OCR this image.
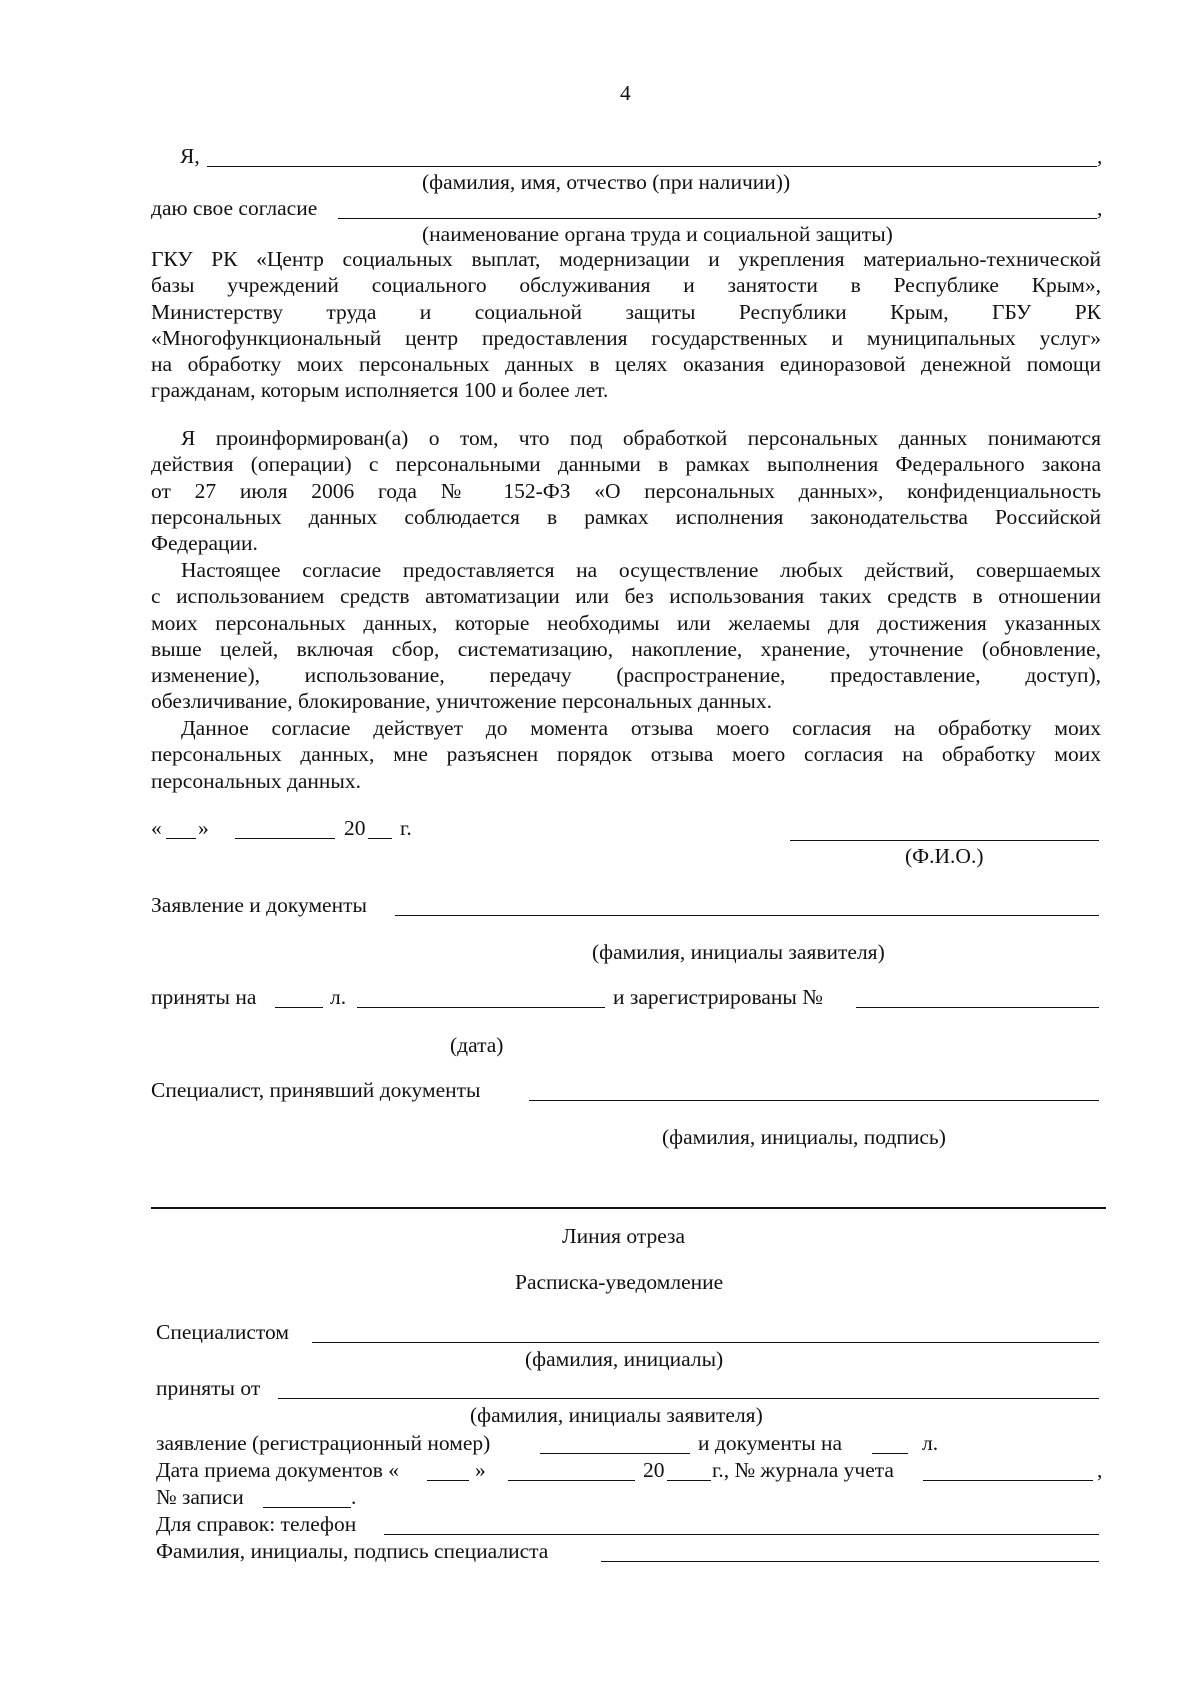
4
Я,	,
(фамилия, имя, отчество (при наличии))
даю свое согласие	,
(наименование органа труда и социальной защиты)
ГКУ РК «Центр социальных выплат, модернизации и укрепления материально-технической
базы учреждений социального обслуживания и занятости в Республике Крым»,
Министерству труда и социальной защиты Республики Крым, ГБУ РК
«Многофункциональный центр предоставления государственных и муниципальных услуг»
на обработку моих персональных данных в целях оказания единоразовой денежной помощи
гражданам, которым исполняется 100 и более лет.
Я проинформирован(а) о том, что под обработкой персональных данных понимаются
действия (операции) с персональными данными в рамках выполнения Федерального закона
от 27 июля 2006 года № 152-ФЗ «О персональных данных», конфиденциальность
персональных данных соблюдается в рамках исполнения законодательства Российской
Федерации.
Настоящее согласие предоставляется на осуществление любых действий, совершаемых
с использованием средств автоматизации или без использования таких средств в отношении
моих персональных данных, которые необходимы или желаемы для достижения указанных
выше целей, включая сбор, систематизацию, накопление, хранение, уточнение (обновление,
изменение), использование, передачу (распространение, предоставление, доступ),
обезличивание, блокирование, уничтожение персональных данных.
Данное согласие действует до момента отзыва моего согласия на обработку моих
персональных данных, мне разъяснен порядок отзыва моего согласия на обработку моих
персональных данных.
« »	20 г.
(Ф.И.О.)
Заявление и документы
(фамилия, инициалы заявителя)
приняты на	л.	и зарегистрированы №
(дата)
Специалист, принявший документы
(фамилия, инициалы, подпись)
Линия отреза
Расписка-уведомление
Специалистом
(фамилия, инициалы)
приняты от
(фамилия, инициалы заявителя)
заявление (регистрационный номер)	и документы на	л.
Дата приема документов «	»	20 г., № журнала учета	,
№ записи	.
Для справок: телефон
Фамилия, инициалы, подпись специалиста
